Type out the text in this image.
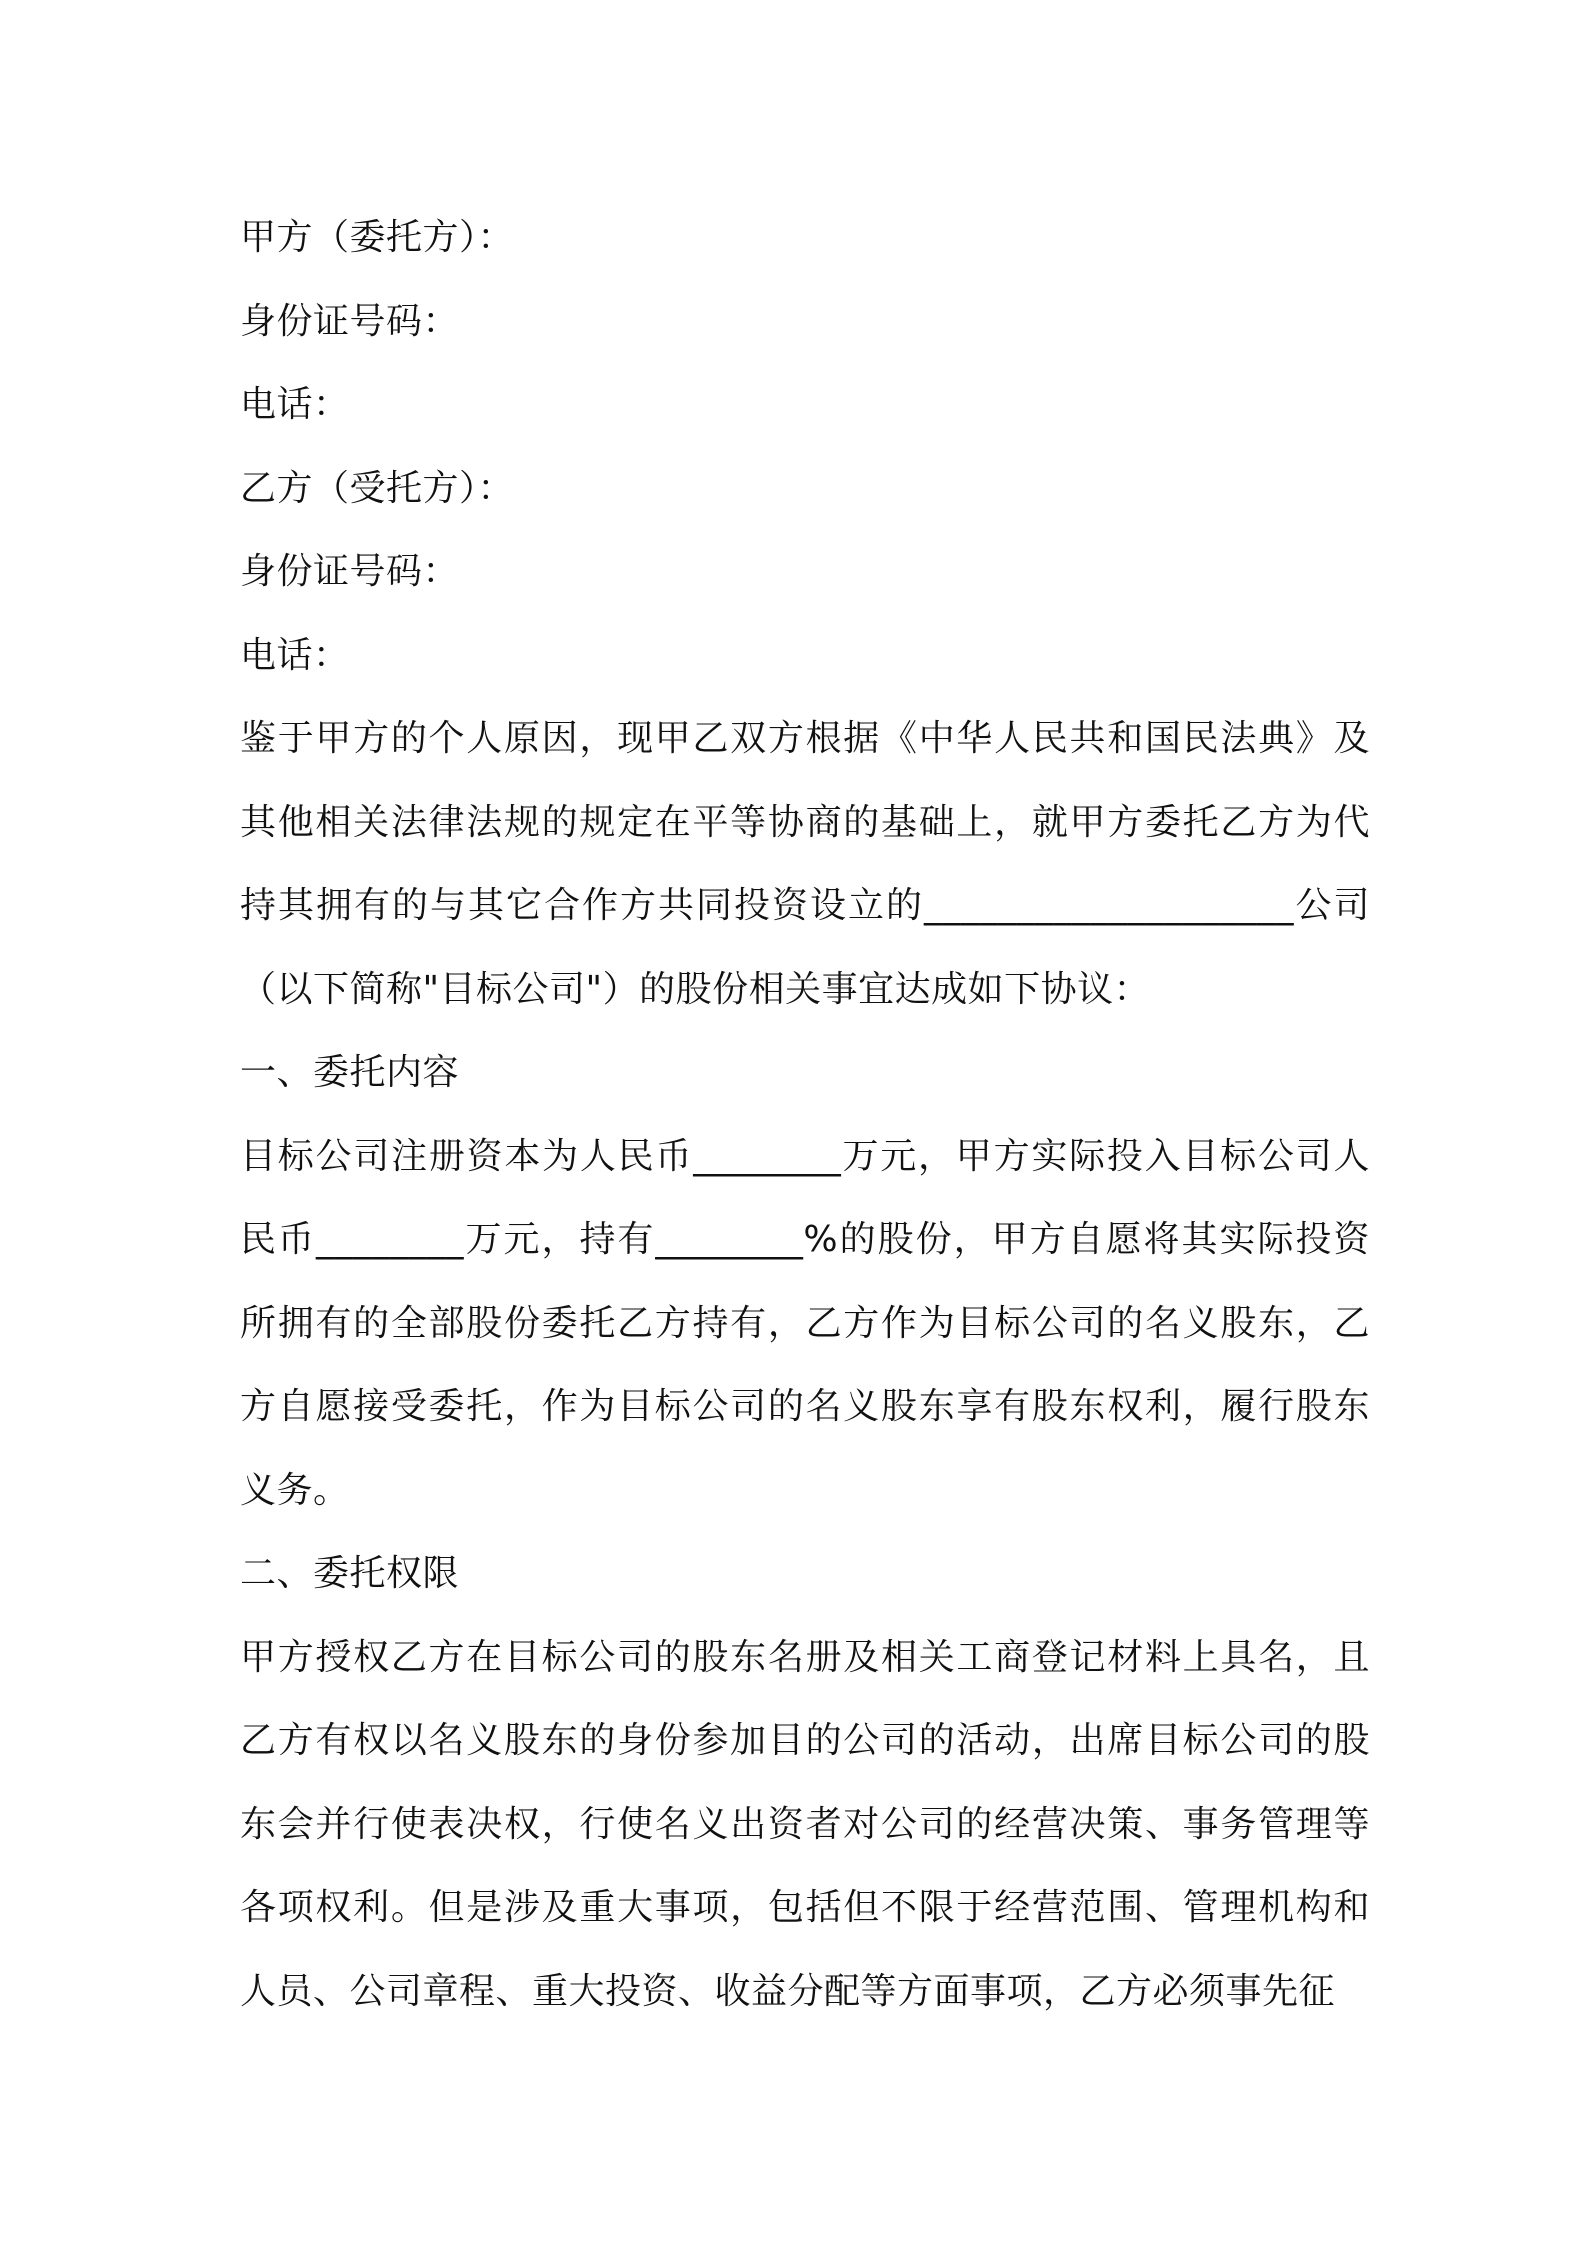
甲方（委托方）：
身份证号码：
电话：
乙方（受托方）：
身份证号码：
电话：
鉴于甲方的个人原因，现甲乙双方根据《中华人民共和国民法典》及其他相关法律法规的规定在平等协商的基础上，就甲方委托乙方为代持其拥有的与其它合作方共同投资设立的____________________公司（以下简称"目标公司"）的股份相关事宜达成如下协议：
一、委托内容
目标公司注册资本为人民币________万元，甲方实际投入目标公司人民币________万元，持有________%的股份，甲方自愿将其实际投资所拥有的全部股份委托乙方持有，乙方作为目标公司的名义股东，乙方自愿接受委托，作为目标公司的名义股东享有股东权利，履行股东义务。
二、委托权限
甲方授权乙方在目标公司的股东名册及相关工商登记材料上具名，且乙方有权以名义股东的身份参加目的公司的活动，出席目标公司的股东会并行使表决权，行使名义出资者对公司的经营决策、事务管理等各项权利。但是涉及重大事项，包括但不限于经营范围、管理机构和人员、公司章程、重大投资、收益分配等方面事项，乙方必须事先征
